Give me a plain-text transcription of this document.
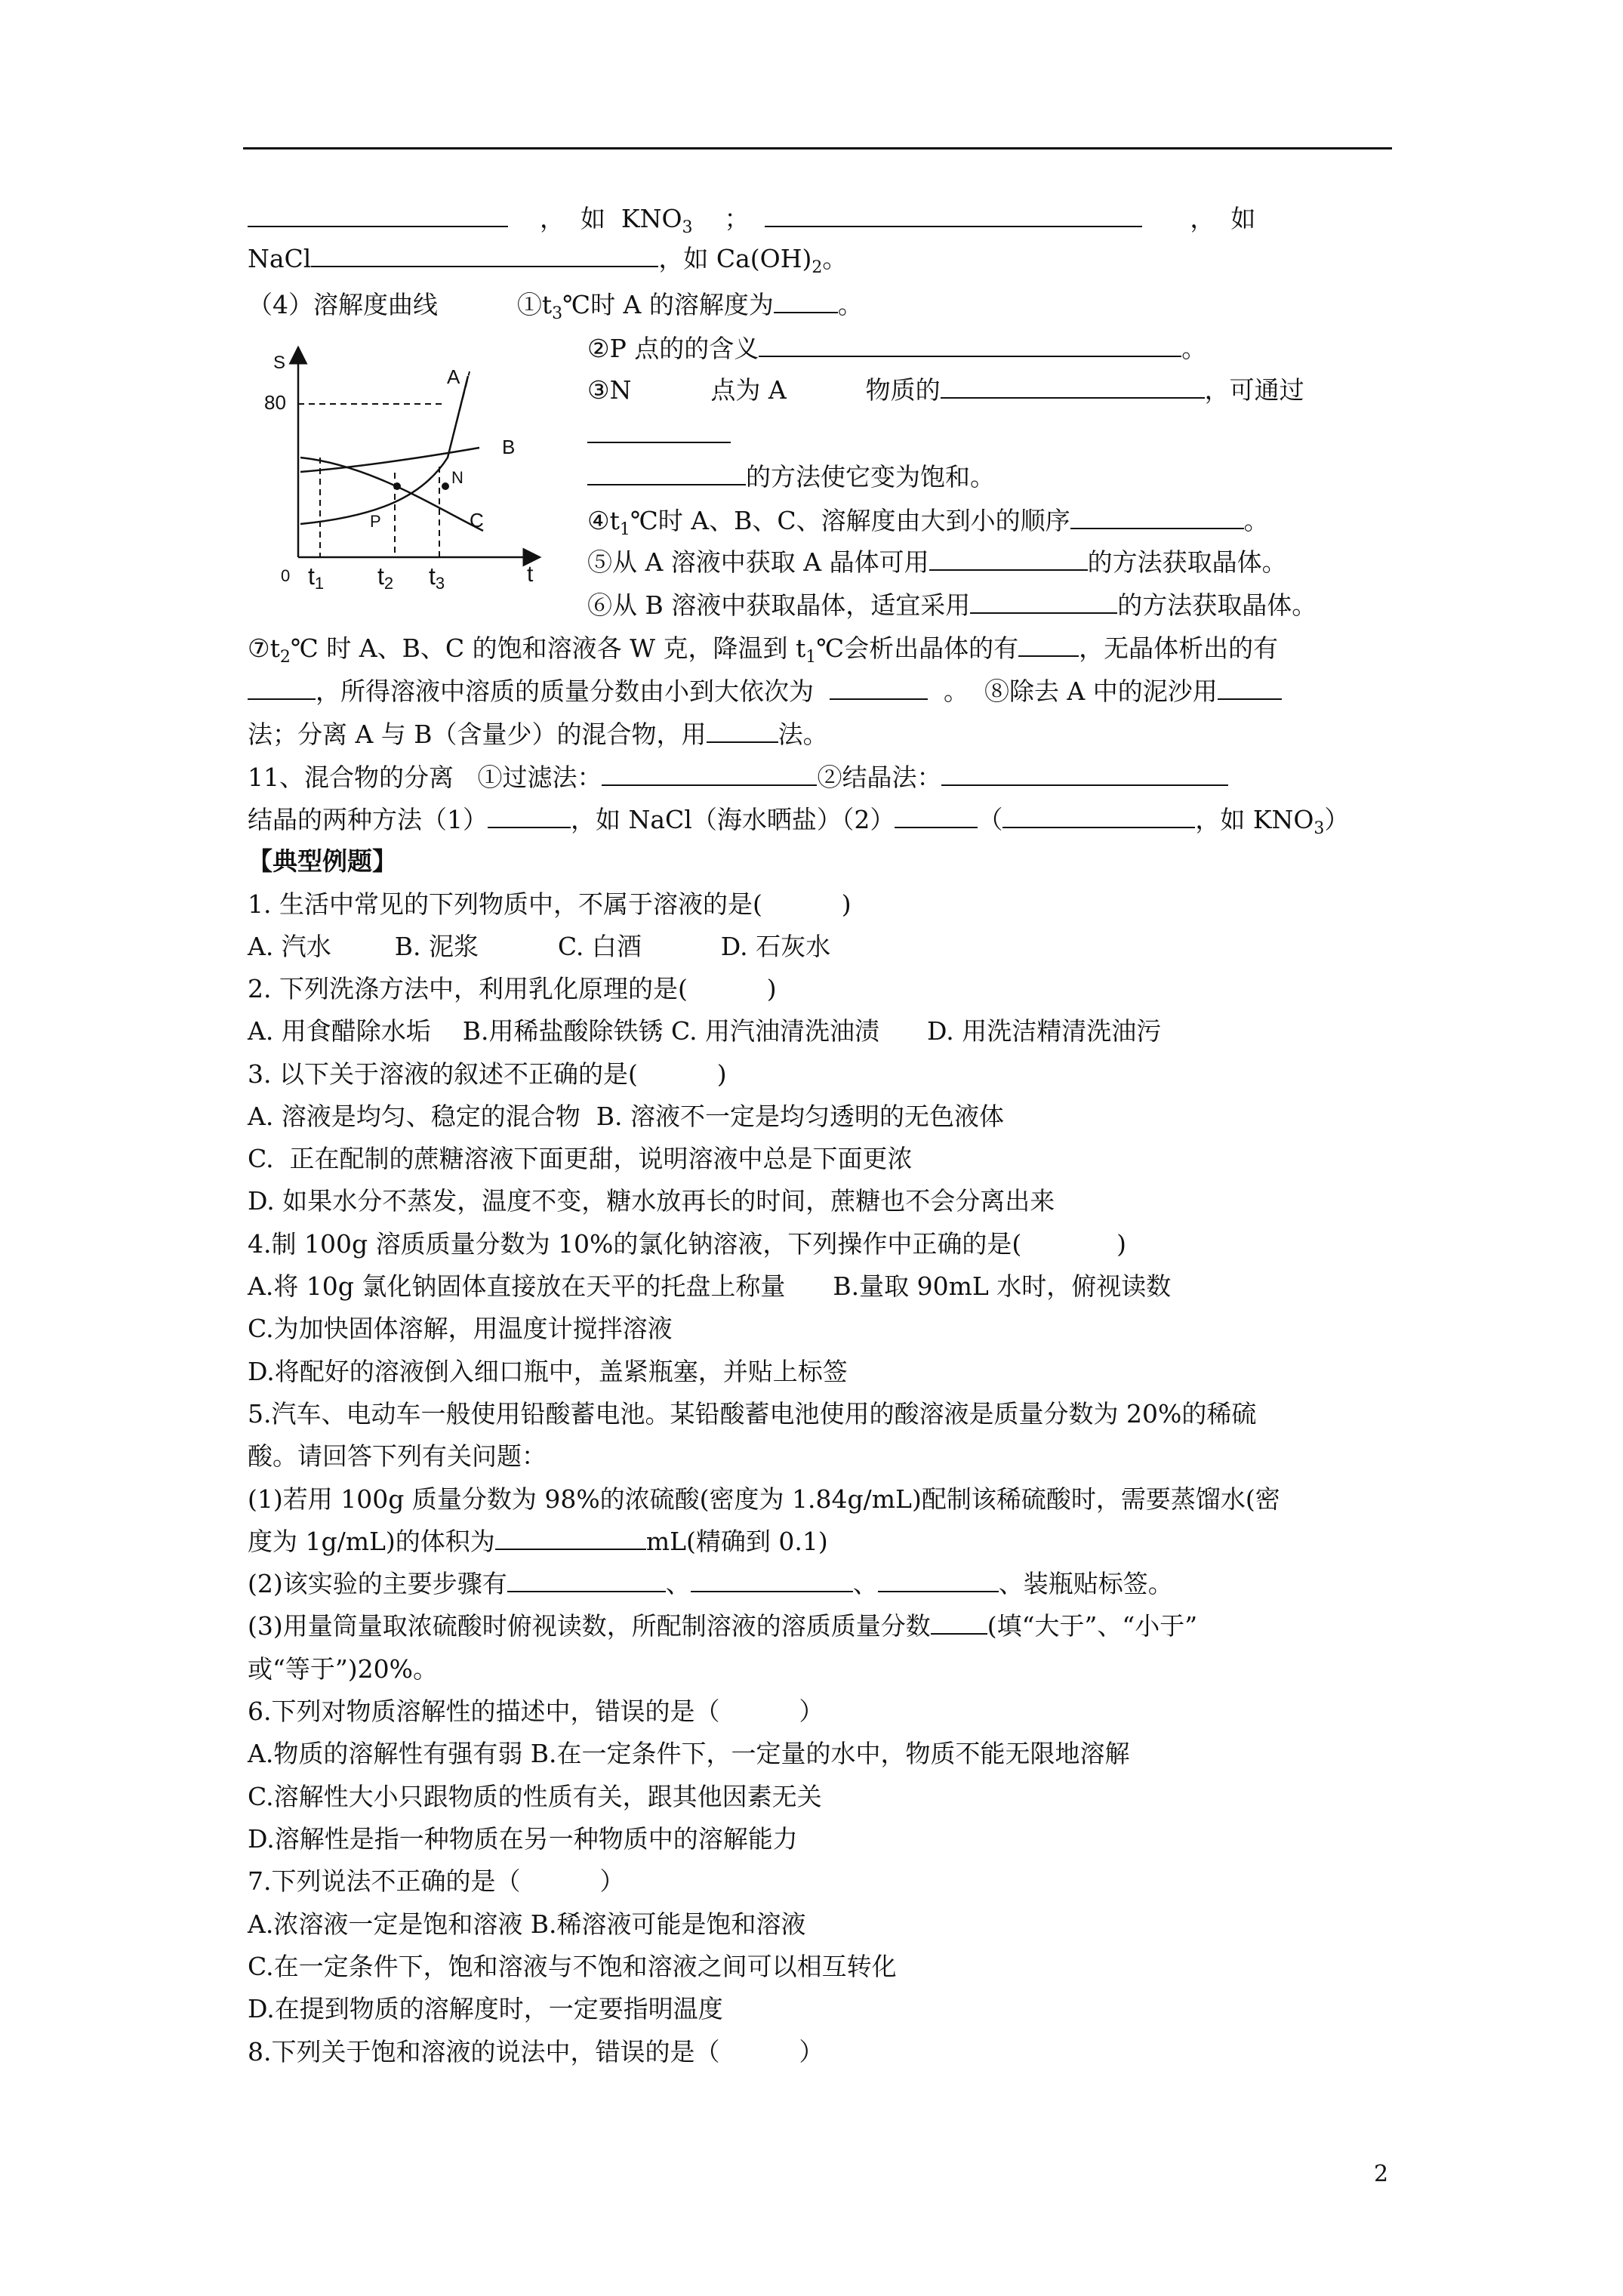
，  如  $KNO_3$    ；	，  如
NaCl	，如 $Ca(OH)_2$。
（4）溶解度曲线          $①t_3℃$时 A 的溶解度为	。
②P 点的的含义	。
③N          点为 A          物质的	，可通过
的方法使它变为饱和。
$④t_1℃$时 A、B、C、溶解度由大到小的顺序	。
⑤从 A 溶液中获取 A 晶体可用	的方法获取晶体。
⑥从 B 溶液中获取晶体，适宜采用	的方法获取晶体。
$⑦t_2℃$ 时 A、B、C 的饱和溶液各 W 克，降温到 $t_1℃$会析出晶体的有 ，无晶体析出的有
，所得溶液中溶质的质量分数由小到大依次为	。  ⑧除去 A 中的泥沙用
法；分离 A 与 B（含量少）的混合物，用	法。
11、混合物的分离   ①过滤法：	②结晶法：
结晶的两种方法（1）	，如 NaCl（海水晒盐）（2）	（	，如 $KNO_3$）
【典型例题】
1. 生活中常见的下列物质中，不属于溶液的是(          )
A. 汽水        B. 泥浆          C. 白酒          D. 石灰水
2. 下列洗涤方法中，利用乳化原理的是(          )
A. 用食醋除水垢    B.用稀盐酸除铁锈 C. 用汽油清洗油渍      D. 用洗洁精清洗油污
3. 以下关于溶液的叙述不正确的是(          )
A. 溶液是均匀、稳定的混合物  B. 溶液不一定是均匀透明的无色液体
C.  正在配制的蔗糖溶液下面更甜，说明溶液中总是下面更浓
D. 如果水分不蒸发，温度不变，糖水放再长的时间，蔗糖也不会分离出来
4.制 100g 溶质质量分数为 10%的氯化钠溶液，下列操作中正确的是(            )
A.将 10g 氯化钠固体直接放在天平的托盘上称量      B.量取 90mL 水时，俯视读数
C.为加快固体溶解，用温度计搅拌溶液
D.将配好的溶液倒入细口瓶中，盖紧瓶塞，并贴上标签
5.汽车、电动车一般使用铅酸蓄电池。某铅酸蓄电池使用的酸溶液是质量分数为 20%的稀硫
酸。请回答下列有关问题：
(1)若用 100g 质量分数为 98%的浓硫酸(密度为 1.84g/mL)配制该稀硫酸时，需要蒸馏水(密
度为 1g/mL)的体积为	mL(精确到 0.1)
(2)该实验的主要步骤有	、	、	、装瓶贴标签。
(3)用量筒量取浓硫酸时俯视读数，所配制溶液的溶质质量分数 (填“大于”、“小于”
或“等于”)20%。
6.下列对物质溶解性的描述中，错误的是（          ）
A.物质的溶解性有强有弱 B.在一定条件下，一定量的水中，物质不能无限地溶解
C.溶解性大小只跟物质的性质有关，跟其他因素无关
D.溶解性是指一种物质在另一种物质中的溶解能力
7.下列说法不正确的是（          ）
A.浓溶液一定是饱和溶液 B.稀溶液可能是饱和溶液
C.在一定条件下，饱和溶液与不饱和溶液之间可以相互转化
D.在提到物质的溶解度时，一定要指明温度
8.下列关于饱和溶液的说法中，错误的是（          ）
S
t
0
80
A
B
C
P
N
t1 t2 t3
2
